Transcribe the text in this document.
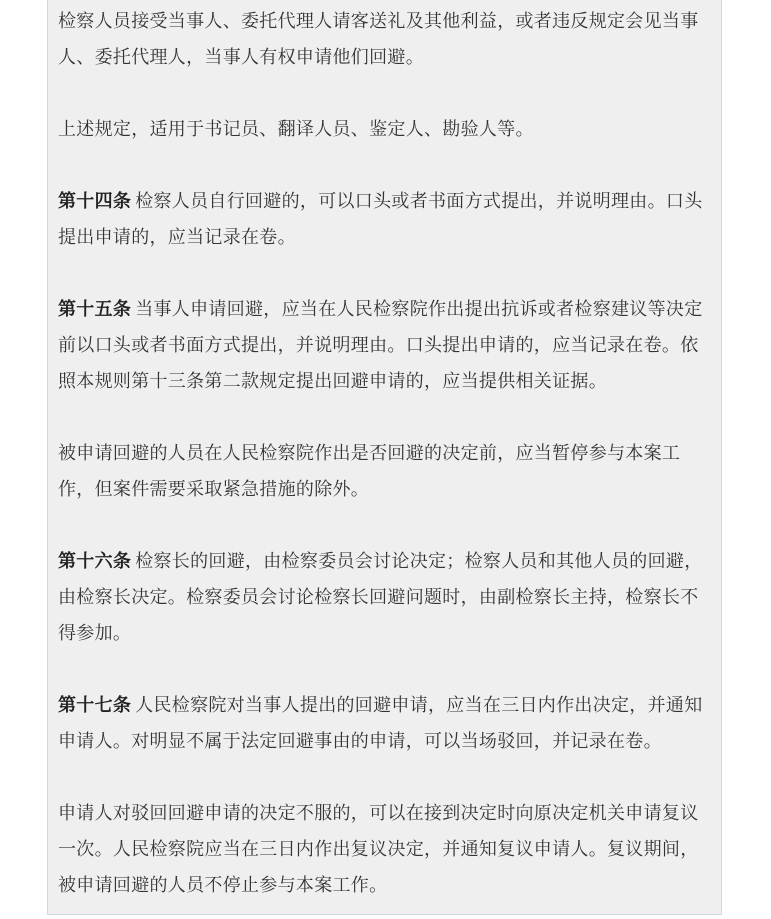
检察人员接受当事人、委托代理人请客送礼及其他利益，或者违反规定会见当事人、委托代理人，当事人有权申请他们回避。

上述规定，适用于书记员、翻译人员、鉴定人、勘验人等。

第十四条 检察人员自行回避的，可以口头或者书面方式提出，并说明理由。口头提出申请的，应当记录在卷。

第十五条 当事人申请回避，应当在人民检察院作出提出抗诉或者检察建议等决定前以口头或者书面方式提出，并说明理由。口头提出申请的，应当记录在卷。依照本规则第十三条第二款规定提出回避申请的，应当提供相关证据。

被申请回避的人员在人民检察院作出是否回避的决定前，应当暂停参与本案工作，但案件需要采取紧急措施的除外。

第十六条 检察长的回避，由检察委员会讨论决定；检察人员和其他人员的回避，由检察长决定。检察委员会讨论检察长回避问题时，由副检察长主持，检察长不得参加。

第十七条 人民检察院对当事人提出的回避申请，应当在三日内作出决定，并通知申请人。对明显不属于法定回避事由的申请，可以当场驳回，并记录在卷。

申请人对驳回回避申请的决定不服的，可以在接到决定时向原决定机关申请复议一次。人民检察院应当在三日内作出复议决定，并通知复议申请人。复议期间，被申请回避的人员不停止参与本案工作。
